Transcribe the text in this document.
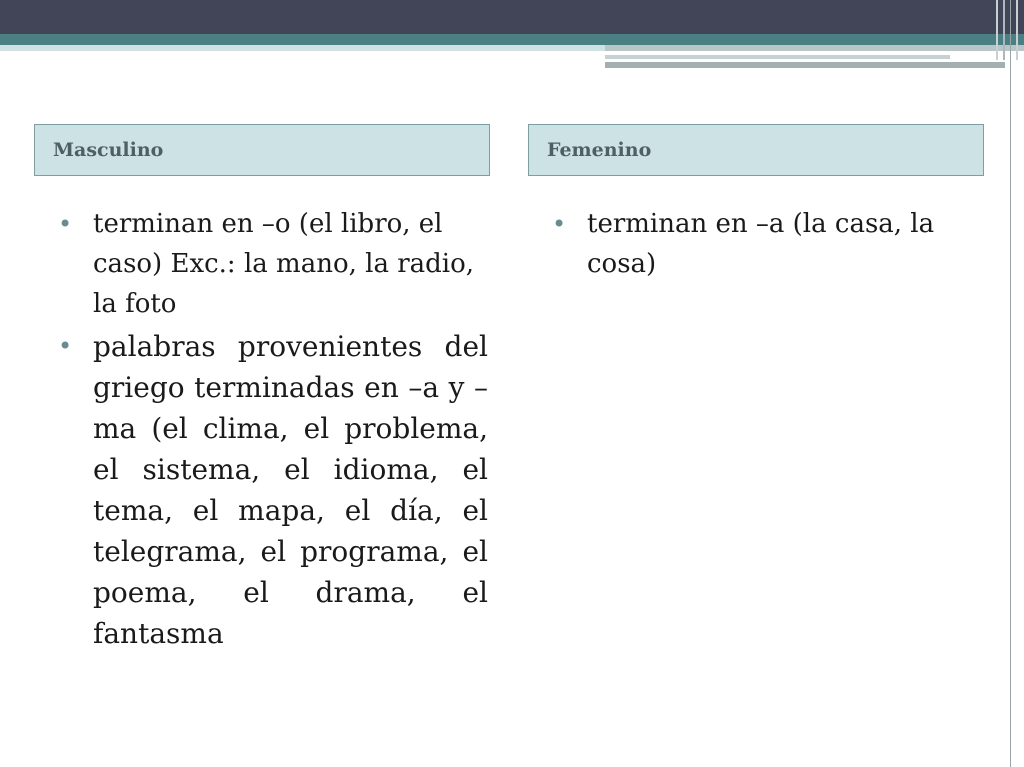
Masculino	Femenino
• terminan en –o (el libro, el caso) Exc.: la mano, la radio, la foto
• palabras provenientes del griego terminadas en –a y –ma (el clima, el problema, el sistema, el idioma, el tema, el mapa, el día, el telegrama, el programa, el poema, el drama, el fantasma
• terminan en –a (la casa, la cosa)
